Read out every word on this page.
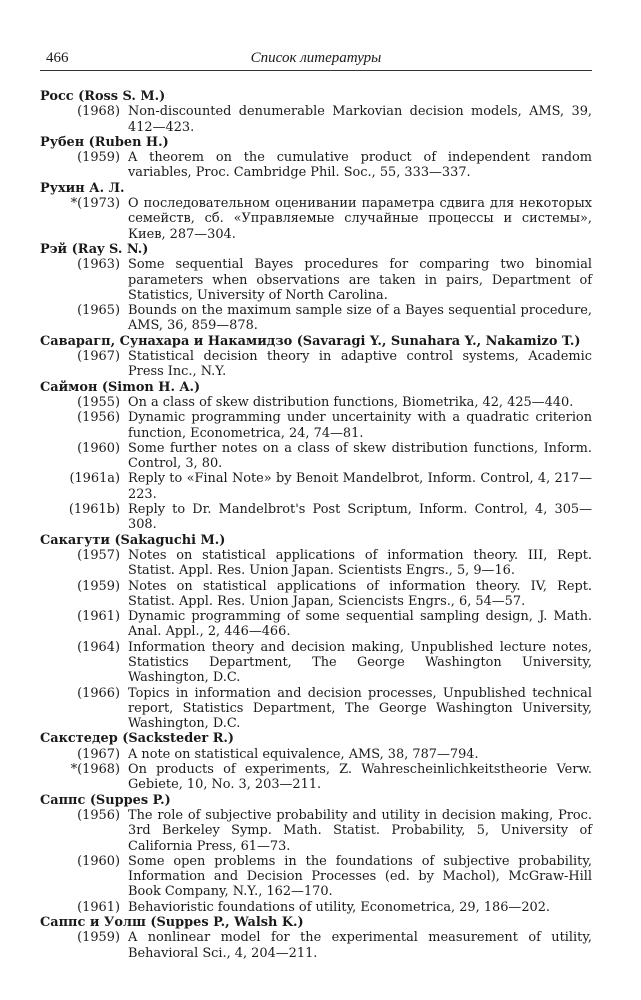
466	Список литературы
Pocc (Ross S. M.)
(1968) Non-discounted denumerable Markovian decision models, AMS, 39, 412—423.
Рубен (Ruben H.)
(1959) A theorem on the cumulative product of independent random variables, Proc. Cambridge Phil. Soc., 55, 333—337.
Рухин А. Л.
*(1973) О последовательном оценивании параметра сдвига для некоторых семейств, сб. «Управляемые случайные процессы и системы», Киев, 287—304.
Рэй (Ray S. N.)
(1963) Some sequential Bayes procedures for comparing two binomial parameters when observations are taken in pairs, Department of Statistics, University of North Carolina.
(1965) Bounds on the maximum sample size of a Bayes sequential procedure, AMS, 36, 859—878.
Саварагп, Сунахара и Накамидзо (Savaragi Y., Sunahara Y., Nakamizo T.)
(1967) Statistical decision theory in adaptive control systems, Academic Press Inc., N.Y.
Саймон (Simon H. A.)
(1955) On a class of skew distribution functions, Biometrika, 42, 425—440.
(1956) Dynamic programming under uncertainity with a quadratic criterion function, Econometrica, 24, 74—81.
(1960) Some further notes on a class of skew distribution functions, Inform. Control, 3, 80.
(1961a) Reply to «Final Note» by Benoit Mandelbrot, Inform. Control, 4, 217—223.
(1961b) Reply to Dr. Mandelbrot's Post Scriptum, Inform. Control, 4, 305—308.
Сакагути (Sakaguchi M.)
(1957) Notes on statistical applications of information theory. III, Rept. Statist. Appl. Res. Union Japan. Scientists Engrs., 5, 9—16.
(1959) Notes on statistical applications of information theory. IV, Rept. Statist. Appl. Res. Union Japan, Sciencists Engrs., 6, 54—57.
(1961) Dynamic programming of some sequential sampling design, J. Math. Anal. Appl., 2, 446—466.
(1964) Information theory and decision making, Unpublished lecture notes, Statistics Department, The George Washington University, Washington, D.C.
(1966) Topics in information and decision processes, Unpublished technical report, Statistics Department, The George Washington University, Washington, D.C.
Сакстедер (Sacksteder R.)
(1967) A note on statistical equivalence, AMS, 38, 787—794.
*(1968) On products of experiments, Z. Wahrescheinlichkeitstheorie Verw. Gebiete, 10, No. 3, 203—211.
Саппс (Suppes P.)
(1956) The role of subjective probability and utility in decision making, Proc. 3rd Berkeley Symp. Math. Statist. Probability, 5, University of California Press, 61—73.
(1960) Some open problems in the foundations of subjective probability, Information and Decision Processes (ed. by Machol), McGraw-Hill Book Company, N.Y., 162—170.
(1961) Behavioristic foundations of utility, Econometrica, 29, 186—202.
Саппс и Уолш (Suppes P., Walsh K.)
(1959) A nonlinear model for the experimental measurement of utility, Behavioral Sci., 4, 204—211.
